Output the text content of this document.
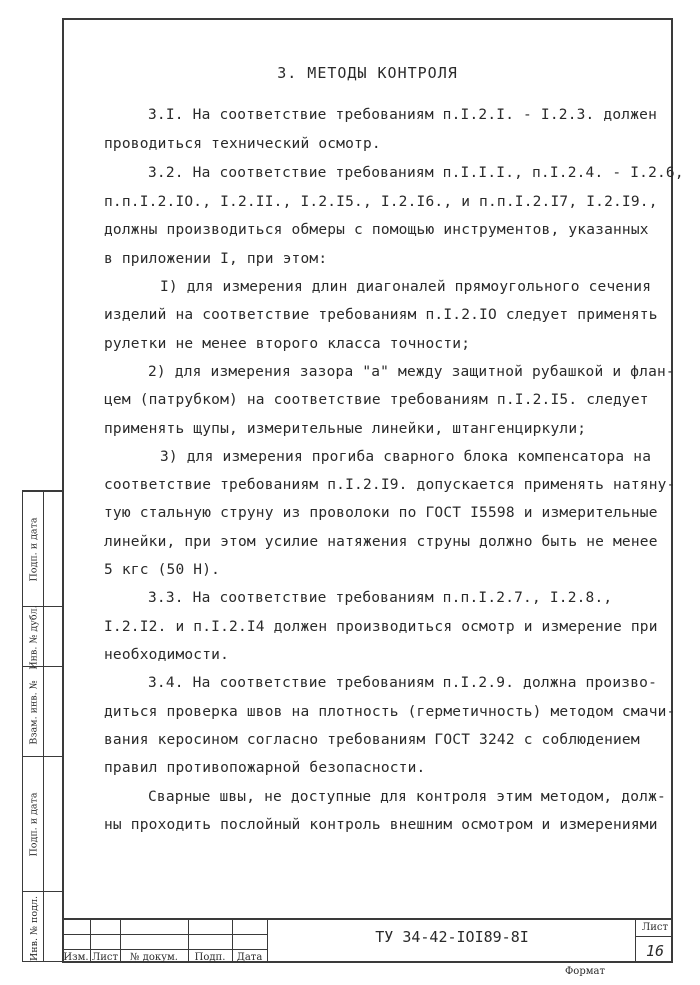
3. МЕТОДЫ КОНТРОЛЯ
3.I. На соответствие требованиям п.I.2.I. - I.2.3. должен
проводиться технический осмотр.
3.2. На соответствие требованиям п.I.I.I., п.I.2.4. - I.2.6,
п.п.I.2.IO., I.2.II., I.2.I5., I.2.I6., и п.п.I.2.I7, I.2.I9.,
должны производиться обмеры с помощью инструментов, указанных
в приложении I, при этом:
I) для измерения длин диагоналей прямоугольного сечения
изделий на соответствие требованиям п.I.2.IO следует применять
рулетки не менее второго класса точности;
2) для измерения зазора "а" между защитной рубашкой и флан-
цем (патрубком) на соответствие требованиям п.I.2.I5. следует
применять щупы, измерительные линейки, штангенциркули;
3) для измерения прогиба сварного блока компенсатора на
соответствие требованиям п.I.2.I9. допускается применять натяну-
тую стальную струну из проволоки по ГОСТ I5598 и измерительные
линейки, при этом усилие натяжения струны должно быть не менее
5 кгс (50 Н).
3.3. На соответствие требованиям п.п.I.2.7., I.2.8.,
I.2.I2. и п.I.2.I4 должен производиться осмотр и измерение при
необходимости.
3.4. На соответствие требованиям п.I.2.9. должна произво-
диться проверка швов на плотность (герметичность) методом смачи-
вания керосином согласно требованиям ГОСТ 3242 с соблюдением
правил противопожарной безопасности.
Сварные швы, не доступные для контроля этим методом, долж-
ны проходить послойный контроль внешним осмотром и измерениями
Подп. и дата
Инв. № дубл.
Взам. инв. №
Подп. и дата
Инв. № подл. Изм. Лист	№ докум.	Подп.	Дата
ТУ 34-42-IOI89-8I
Лист
16
Формат
